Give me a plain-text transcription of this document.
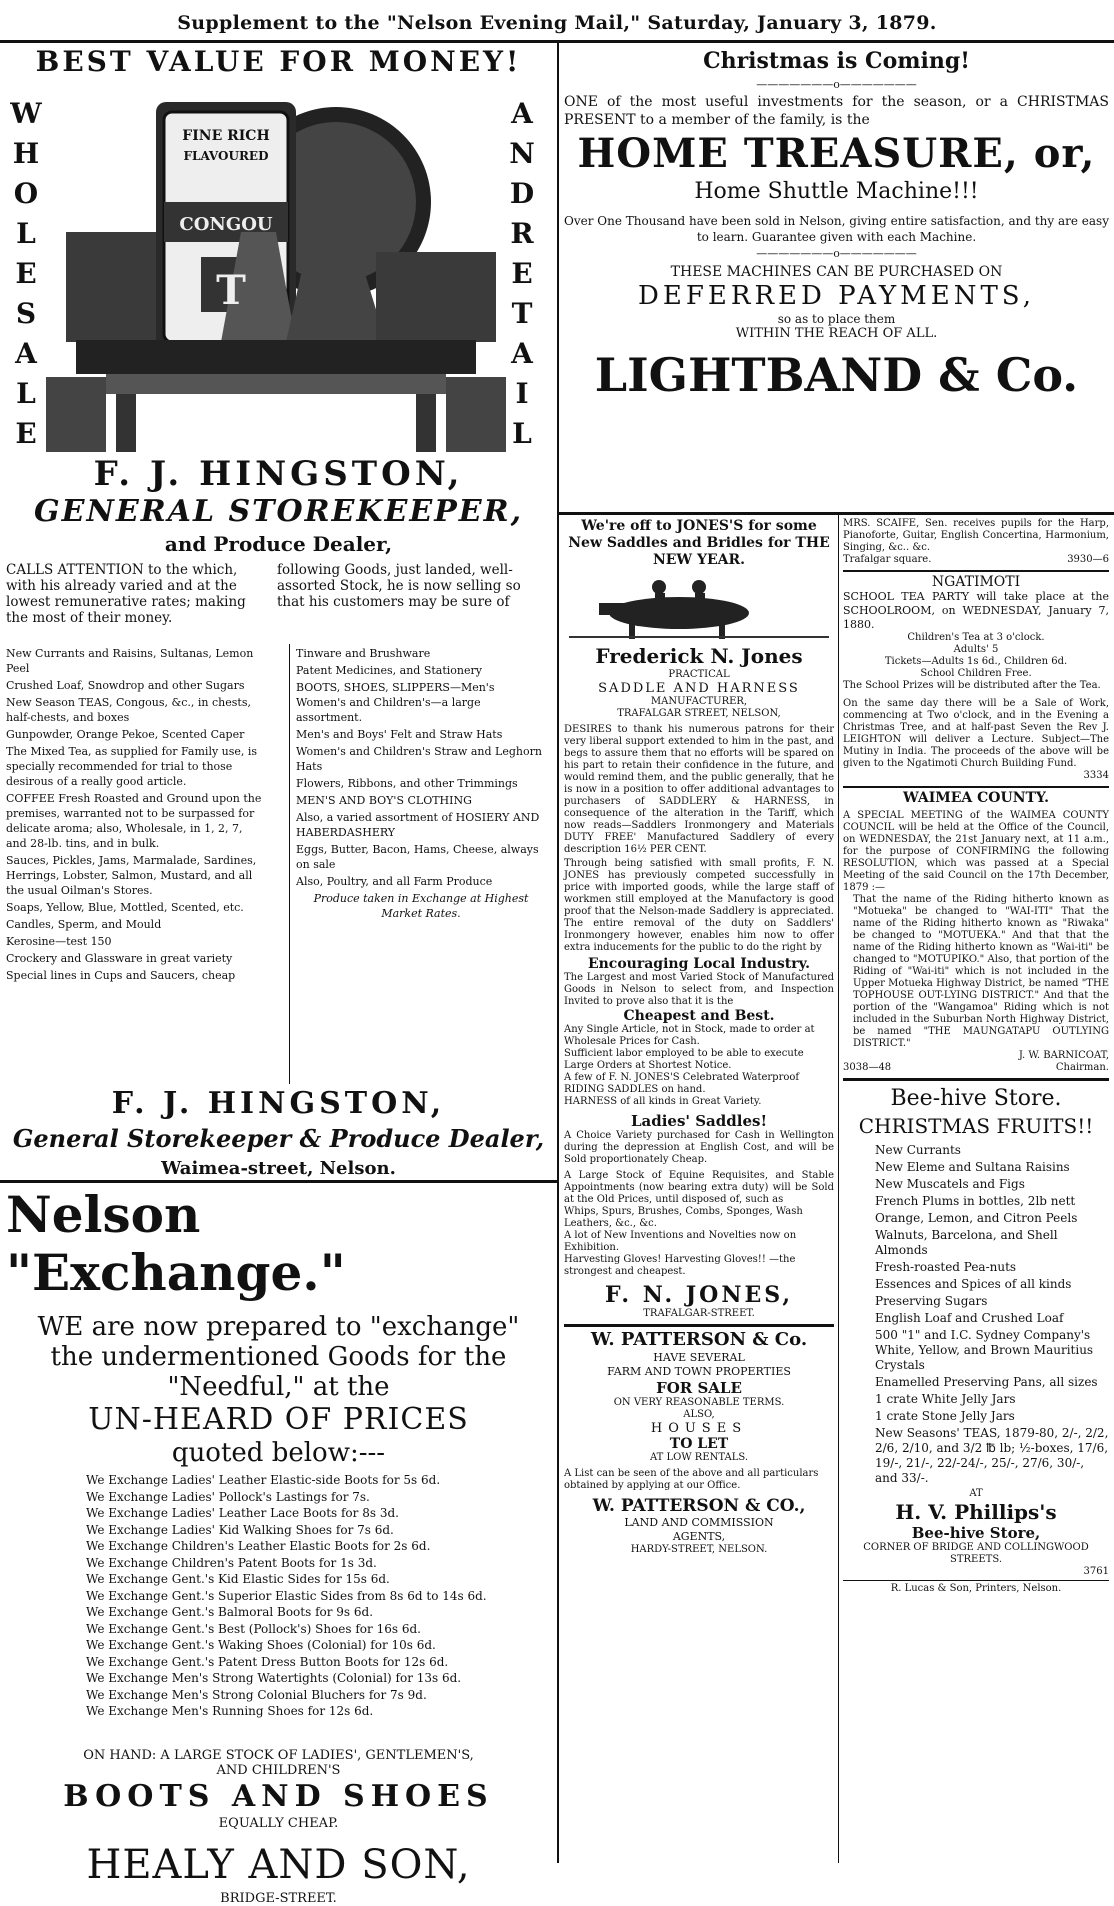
Supplement to the "Nelson Evening Mail," Saturday, January 3, 1879.
BEST VALUE FOR MONEY!
W
H
O
L
E
S
A
L
E
A
N
D
R
E
T
A
I
L
FINE RICH
FLAVOURED
CONGOU
T
F. J. HINGSTON,
GENERAL STOREKEEPER,
and Produce Dealer,

CALLS ATTENTION to the which, with his already varied and at the lowest remunerative rates; making the most of their money.

following Goods, just landed, well-assorted Stock, he is now selling so that his customers may be sure of

New Currants and Raisins, Sultanas, Lemon Peel
Crushed Loaf, Snowdrop and other Sugars
New Season TEAS, Congous, &c., in chests, half-chests, and boxes
Gunpowder, Orange Pekoe, Scented Caper
The Mixed Tea, as supplied for Family use, is specially recommended for trial to those desirous of a really good article.
COFFEE Fresh Roasted and Ground upon the premises, warranted not to be surpassed for delicate aroma; also, Wholesale, in 1, 2, 7, and 28-lb. tins, and in bulk.
Sauces, Pickles, Jams, Marmalade, Sardines, Herrings, Lobster, Salmon, Mustard, and all the usual Oilman's Stores.
Soaps, Yellow, Blue, Mottled, Scented, etc.
Candles, Sperm, and Mould
Kerosine—test 150
Crockery and Glassware in great variety
Special lines in Cups and Saucers, cheap
Tinware and Brushware
Patent Medicines, and Stationery
BOOTS, SHOES, SLIPPERS—Men's Women's and Children's—a large assortment.
Men's and Boys' Felt and Straw Hats
Women's and Children's Straw and Leghorn Hats
Flowers, Ribbons, and other Trimmings
MEN'S AND BOY'S CLOTHING
Also, a varied assortment of HOSIERY AND HABERDASHERY
Eggs, Butter, Bacon, Hams, Cheese, always on sale
Also, Poultry, and all Farm Produce
Produce taken in Exchange at Highest Market Rates.
F. J. HINGSTON,
General Storekeeper & Produce Dealer,
Waimea-street, Nelson.
Nelson "Exchange."
WE are now prepared to "exchange"
the undermentioned Goods for the
"Needful," at the
UN-HEARD OF PRICES
quoted below:---
We Exchange Ladies' Leather Elastic-side Boots for 5s 6d.
We Exchange Ladies' Pollock's Lastings for 7s.
We Exchange Ladies' Leather Lace Boots for 8s 3d.
We Exchange Ladies' Kid Walking Shoes for 7s 6d.
We Exchange Children's Leather Elastic Boots for 2s 6d.
We Exchange Children's Patent Boots for 1s 3d.
We Exchange Gent.'s Kid Elastic Sides for 15s 6d.
We Exchange Gent.'s Superior Elastic Sides from 8s 6d to 14s 6d.
We Exchange Gent.'s Balmoral Boots for 9s 6d.
We Exchange Gent.'s Best (Pollock's) Shoes for 16s 6d.
We Exchange Gent.'s Waking Shoes (Colonial) for 10s 6d.
We Exchange Gent.'s Patent Dress Button Boots for 12s 6d.
We Exchange Men's Strong Watertights (Colonial) for 13s 6d.
We Exchange Men's Strong Colonial Bluchers for 7s 9d.
We Exchange Men's Running Shoes for 12s 6d.
ON HAND: A LARGE STOCK OF LADIES', GENTLEMEN'S,
AND CHILDREN'S
BOOTS AND SHOES
EQUALLY CHEAP.
HEALY AND SON,
BRIDGE-STREET.
Christmas is Coming!
———————o———————

ONE of the most useful investments for the season, or a CHRISTMAS PRESENT to a member of the family, is the

HOME TREASURE, or,
Home Shuttle Machine!!!

Over One Thousand have been sold in Nelson, giving entire satisfaction, and thy are easy to learn. Guarantee given with each Machine.

———————o———————
THESE MACHINES CAN BE PURCHASED ON
DEFERRED PAYMENTS,
so as to place them
WITHIN THE REACH OF ALL.
LIGHTBAND & Co.

We're off to JONES'S for some New Saddles and Bridles for THE NEW YEAR.

Frederick N. Jones
PRACTICAL
SADDLE AND HARNESS
MANUFACTURER,
TRAFALGAR STREET, NELSON,

DESIRES to thank his numerous patrons for their very liberal support extended to him in the past, and begs to assure them that no efforts will be spared on his part to retain their confidence in the future, and would remind them, and the public generally, that he is now in a position to offer additional advantages to purchasers of SADDLERY & HARNESS, in consequence of the alteration in the Tariff, which now reads—Saddlers Ironmongery and Materials DUTY FREE' Manufactured Saddlery of every description 16½ PER CENT.

Through being satisfied with small profits, F. N. JONES has previously competed successfully in price with imported goods, while the large staff of workmen still employed at the Manufactory is good proof that the Nelson-made Saddlery is appreciated. The entire removal of the duty on Saddlers' Ironmongery however, enables him now to offer extra inducements for the public to do the right by

Encouraging Local Industry.

The Largest and most Varied Stock of Manufactured Goods in Nelson to select from, and Inspection Invited to prove also that it is the

Cheapest and Best.

Any Single Article, not in Stock, made to order at Wholesale Prices for Cash.

Sufficient labor employed to be able to execute Large Orders at Shortest Notice.

A few of F. N. JONES'S Celebrated Waterproof RIDING SADDLES on hand.

HARNESS of all kinds in Great Variety.

Ladies' Saddles!

A Choice Variety purchased for Cash in Wellington during the depression at English Cost, and will be Sold proportionately Cheap.

A Large Stock of Equine Requisites, and Stable Appointments (now bearing extra duty) will be Sold at the Old Prices, until disposed of, such as

Whips, Spurs, Brushes, Combs, Sponges, Wash Leathers, &c., &c.

A lot of New Inventions and Novelties now on Exhibition.

Harvesting Gloves! Harvesting Gloves!! —the strongest and cheapest.

F. N. JONES,
TRAFALGAR-STREET.
W. PATTERSON & Co.
HAVE SEVERAL
FARM AND TOWN PROPERTIES
FOR SALE
ON VERY REASONABLE TERMS.
ALSO,
HOUSES
TO LET
AT LOW RENTALS.

A List can be seen of the above and all particulars obtained by applying at our Office.

W. PATTERSON & CO.,
LAND AND COMMISSION
AGENTS,
HARDY-STREET, NELSON.

MRS. SCAIFE, Sen. receives pupils for the Harp, Pianoforte, Guitar, English Concertina, Harmonium, Singing, &c.. &c.

Trafalgar square.	3930—6
NGATIMOTI

SCHOOL TEA PARTY will take place at the SCHOOLROOM, on WEDNESDAY, January 7, 1880.

Children's Tea at 3 o'clock.
Adults' 5
Tickets—Adults 1s 6d., Children 6d.
School Children Free.

The School Prizes will be distributed after the Tea.

On the same day there will be a Sale of Work, commencing at Two o'clock, and in the Evening a Christmas Tree, and at half-past Seven the Rev J. LEIGHTON will deliver a Lecture. Subject—The Mutiny in India. The proceeds of the above will be given to the Ngatimoti Church Building Fund.

3334
WAIMEA COUNTY.

A SPECIAL MEETING of the WAIMEA COUNTY COUNCIL will be held at the Office of the Council, on WEDNESDAY, the 21st January next, at 11 a.m., for the purpose of CONFIRMING the following RESOLUTION, which was passed at a Special Meeting of the said Council on the 17th December, 1879 :—

That the name of the Riding hitherto known as "Motueka" be changed to "WAI-ITI" That the name of the Riding hitherto known as "Riwaka" be changed to "MOTUEKA." And that that the name of the Riding hitherto known as "Wai-iti" be changed to "MOTUPIKO." Also, that portion of the Riding of "Wai-iti" which is not included in the Upper Motueka Highway District, be named "THE TOPHOUSE OUT-LYING DISTRICT." And that the portion of the "Wangamoa" Riding which is not included in the Suburban North Highway District, be named "THE MAUNGATAPU OUTLYING DISTRICT."

J. W. BARNICOAT,
3038—48	Chairman.
Bee-hive Store.
CHRISTMAS FRUITS!!
New Currants
New Eleme and Sultana Raisins
New Muscatels and Figs
French Plums in bottles, 2lb nett
Orange, Lemon, and Citron Peels
Walnuts, Barcelona, and Shell Almonds
Fresh-roasted Pea-nuts
Essences and Spices of all kinds
Preserving Sugars
English Loaf and Crushed Loaf
500 "1" and I.C. Sydney Company's White, Yellow, and Brown Mauritius Crystals
Enamelled Preserving Pans, all sizes
1 crate White Jelly Jars
1 crate Stone Jelly Jars
New Seasons' TEAS, 1879-80, 2/-, 2/2, 2/6, 2/10, and 3/2 ℔ lb; ½-boxes, 17/6, 19/-, 21/-, 22/-24/-, 25/-, 27/6, 30/-, and 33/-.
AT
H. V. Phillips's
Bee-hive Store,
CORNER OF BRIDGE AND COLLINGWOOD STREETS.
3761
R. Lucas & Son, Printers, Nelson.
